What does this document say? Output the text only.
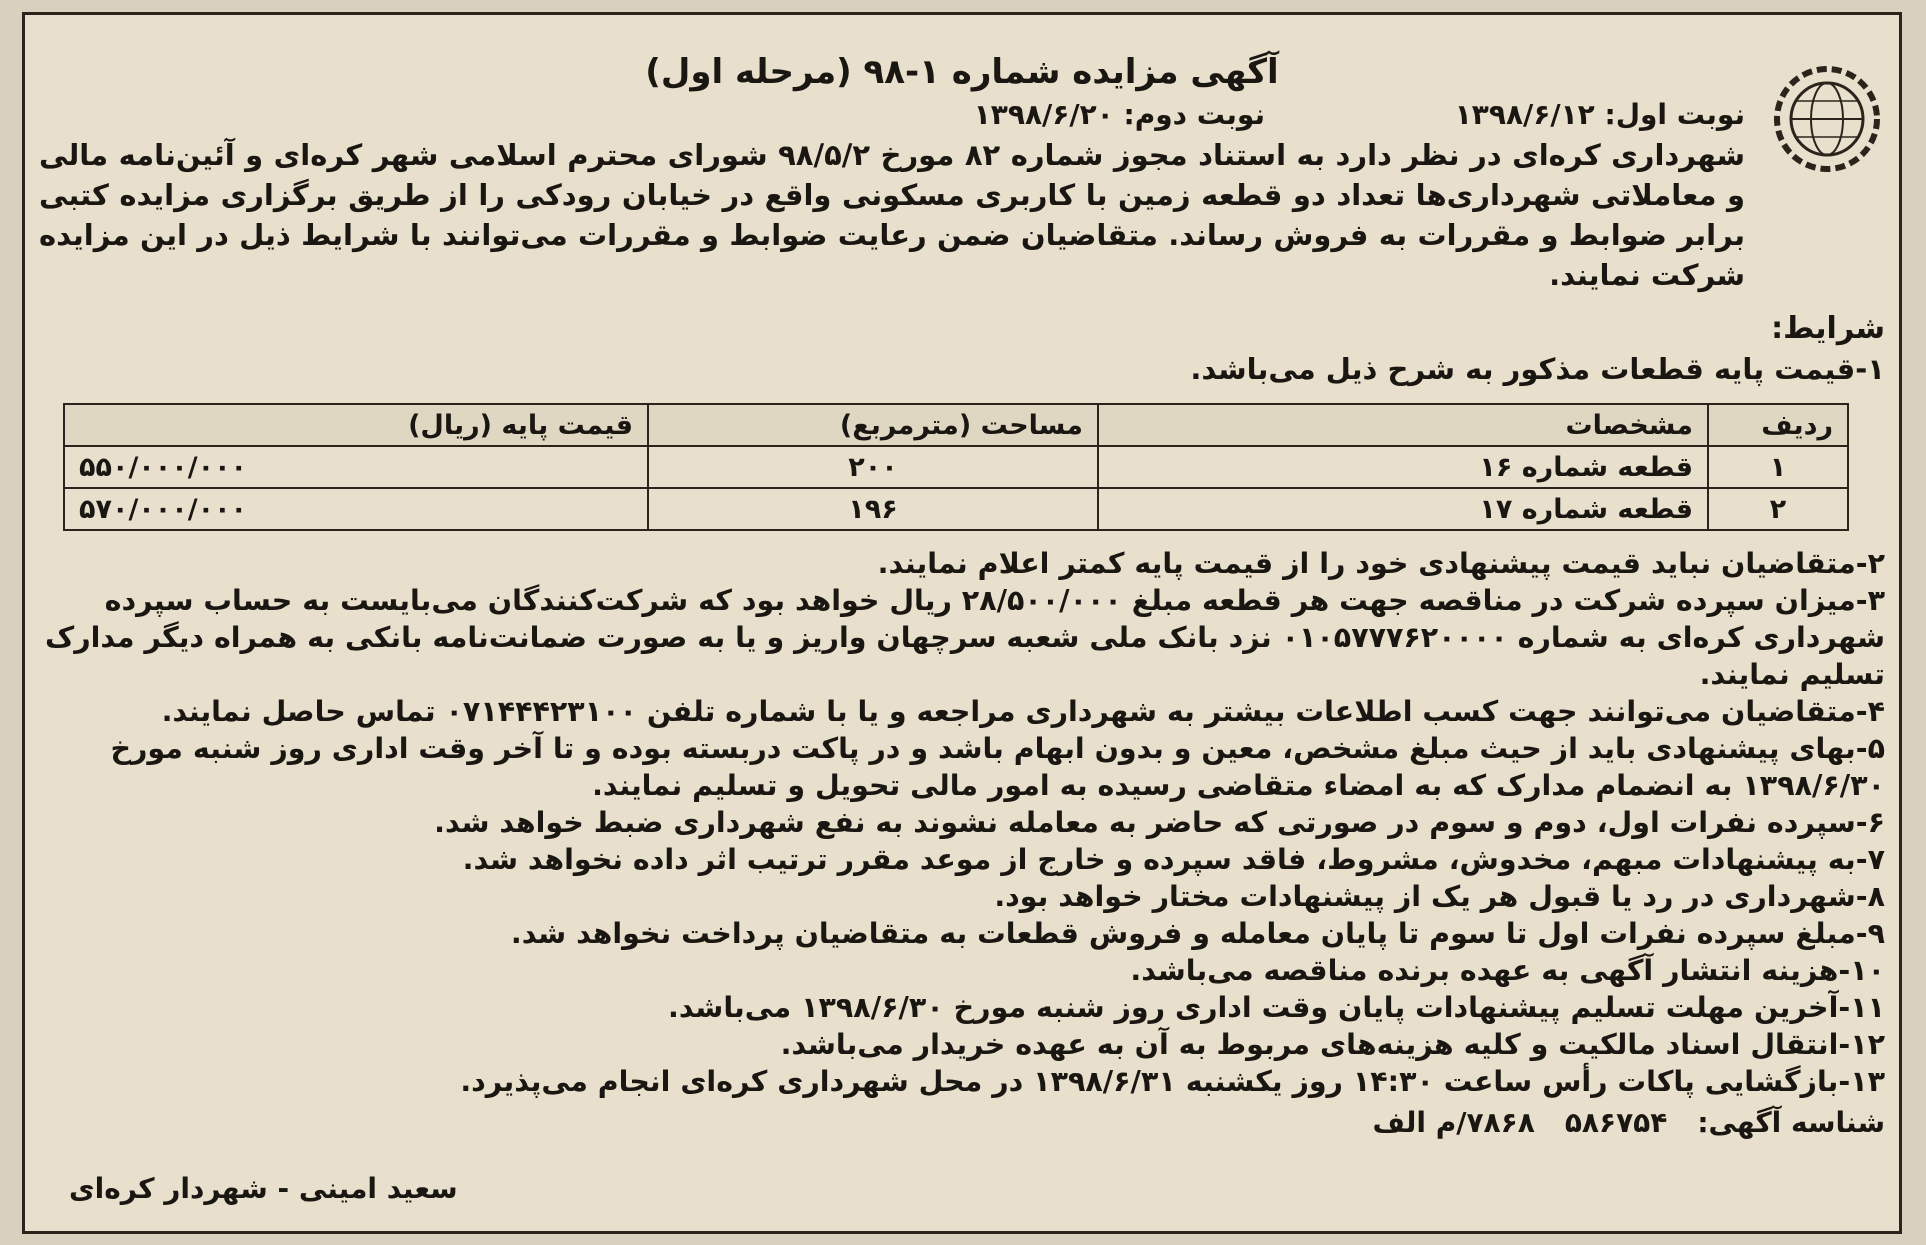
آگهی مزایده شماره ۱-۹۸ (مرحله اول)
نوبت اول: ۱۳۹۸/۶/۱۲
نوبت دوم: ۱۳۹۸/۶/۲۰
شهرداری کره‌ای در نظر دارد به استناد مجوز شماره ۸۲ مورخ ۹۸/۵/۲ شورای محترم اسلامی شهر کره‌ای و آئین‌نامه مالی و معاملاتی شهرداری‌ها تعداد دو قطعه زمین با کاربری مسکونی واقع در خیابان رودکی را از طریق برگزاری مزایده کتبی برابر ضوابط و مقررات به فروش رساند. متقاضیان ضمن رعایت ضوابط و مقررات می‌توانند با شرایط ذیل در این مزایده شرکت نمایند.
شرایط:
۱-قیمت پایه قطعات مذکور به شرح ذیل می‌باشد.
ردیف	مشخصات	مساحت (مترمربع)	قیمت پایه (ریال)
۱	قطعه شماره ۱۶	۲۰۰	۵۵۰/۰۰۰/۰۰۰
۲	قطعه شماره ۱۷	۱۹۶	۵۷۰/۰۰۰/۰۰۰
۲-متقاضیان نباید قیمت پیشنهادی خود را از قیمت پایه کمتر اعلام نمایند.
۳-میزان سپرده شرکت در مناقصه جهت هر قطعه مبلغ ۲۸/۵۰۰/۰۰۰ ریال خواهد بود که شرکت‌کنندگان می‌بایست به حساب سپرده شهرداری کره‌ای به شماره ۰۱۰۵۷۷۷۶۲۰۰۰۰ نزد بانک ملی شعبه سرچهان واریز و یا به صورت ضمانت‌نامه بانکی به همراه دیگر مدارک تسلیم نمایند.
۴-متقاضیان می‌توانند جهت کسب اطلاعات بیشتر به شهرداری مراجعه و یا با شماره تلفن ۰۷۱۴۴۴۲۳۱۰۰ تماس حاصل نمایند.
۵-بهای پیشنهادی باید از حیث مبلغ مشخص، معین و بدون ابهام باشد و در پاکت دربسته بوده و تا آخر وقت اداری روز شنبه مورخ ۱۳۹۸/۶/۳۰ به انضمام مدارک که به امضاء متقاضی رسیده به امور مالی تحویل و تسلیم نمایند.
۶-سپرده نفرات اول، دوم و سوم در صورتی که حاضر به معامله نشوند به نفع شهرداری ضبط خواهد شد.
۷-به پیشنهادات مبهم، مخدوش، مشروط، فاقد سپرده و خارج از موعد مقرر ترتیب اثر داده نخواهد شد.
۸-شهرداری در رد یا قبول هر یک از پیشنهادات مختار خواهد بود.
۹-مبلغ سپرده نفرات اول تا سوم تا پایان معامله و فروش قطعات به متقاضیان پرداخت نخواهد شد.
۱۰-هزینه انتشار آگهی به عهده برنده مناقصه می‌باشد.
۱۱-آخرین مهلت تسلیم پیشنهادات پایان وقت اداری روز شنبه مورخ ۱۳۹۸/۶/۳۰ می‌باشد.
۱۲-انتقال اسناد مالکیت و کلیه هزینه‌های مربوط به آن به عهده خریدار می‌باشد.
۱۳-بازگشایی پاکات رأس ساعت ۱۴:۳۰ روز یکشنبه ۱۳۹۸/۶/۳۱ در محل شهرداری کره‌ای انجام می‌پذیرد.
شناسه آگهی:۵۸۶۷۵۴۷۸۶۸/م الف
سعید امینی - شهردار کره‌ای
